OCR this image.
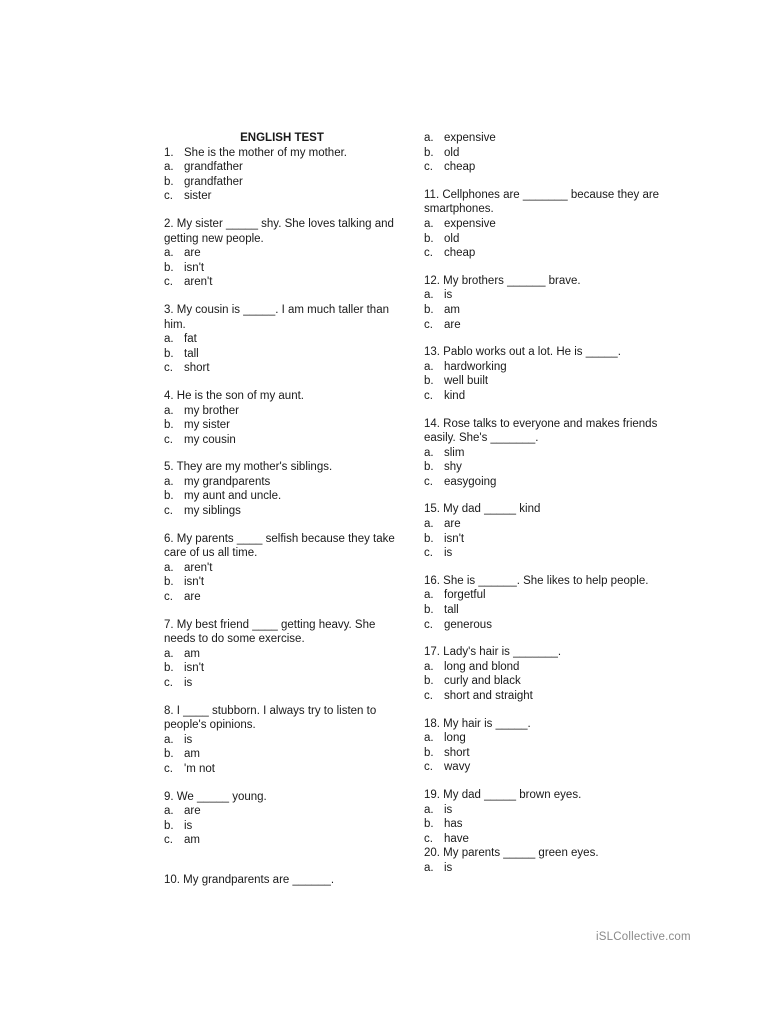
ENGLISH TEST

1. She is the mother of my mother.

a. grandfather

b. grandfather

c. sister

2. My sister _____ shy. She loves talking and getting new people.

a. are

b. isn't

c. aren't

3. My cousin is _____. I am much taller than him.

a. fat

b. tall

c. short

4. He is the son of my aunt.

a. my brother

b. my sister

c. my cousin

5. They are my mother's siblings.

a. my grandparents

b. my aunt and uncle.

c. my siblings

6. My parents ____ selfish because they take care of us all time.

a. aren't

b. isn't

c. are

7. My best friend ____ getting heavy. She needs to do some exercise.

a. am

b. isn't

c. is

8. I ____ stubborn. I always try to listen to people's opinions.

a. is

b. am

c. 'm not

9. We _____ young.

a. are

b. is

c. am

10. My grandparents are ______.

a. expensive

b. old

c. cheap

11. Cellphones are _______ because they are smartphones.

a. expensive

b. old

c. cheap

12. My brothers ______ brave.

a. is

b. am

c. are

13. Pablo works out a lot. He is _____.

a. hardworking

b. well built

c. kind

14. Rose talks to everyone and makes friends easily. She's _______.

a. slim

b. shy

c. easygoing

15. My dad _____ kind

a. are

b. isn't

c. is

16. She is ______. She likes to help people.

a. forgetful

b. tall

c. generous

17. Lady's hair is _______.

a. long and blond

b. curly and black

c. short and straight

18. My hair is _____.

a. long

b. short

c. wavy

19. My dad _____ brown eyes.

a. is

b. has

c. have

20. My parents _____ green eyes.

a. is

iSLCollective.com
